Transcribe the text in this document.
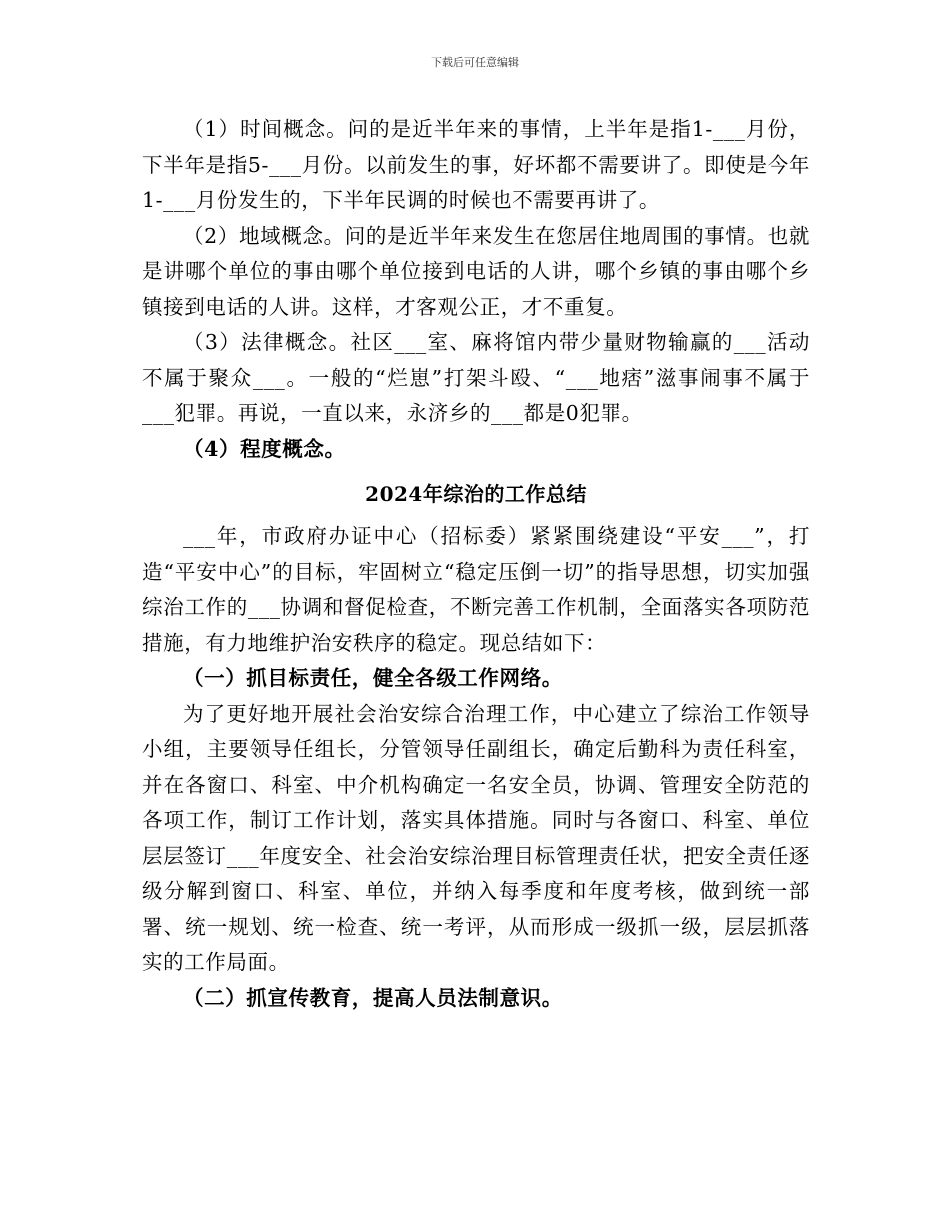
下载后可任意编辑

（1）时间概念。问的是近半年来的事情，上半年是指1-___月份，下半年是指5-___月份。以前发生的事，好坏都不需要讲了。即使是今年1-___月份发生的，下半年民调的时候也不需要再讲了。

（2）地域概念。问的是近半年来发生在您居住地周围的事情。也就是讲哪个单位的事由哪个单位接到电话的人讲，哪个乡镇的事由哪个乡镇接到电话的人讲。这样，才客观公正，才不重复。

（3）法律概念。社区___室、麻将馆内带少量财物输赢的___活动不属于聚众___。一般的“烂崽”打架斗殴、“___地痞”滋事闹事不属于___犯罪。再说，一直以来，永济乡的___都是0犯罪。

（4）程度概念。

2024年综治的工作总结

___年，市政府办证中心（招标委）紧紧围绕建设“平安___”，打造“平安中心”的目标，牢固树立“稳定压倒一切”的指导思想，切实加强综治工作的___协调和督促检查，不断完善工作机制，全面落实各项防范措施，有力地维护治安秩序的稳定。现总结如下：

（一）抓目标责任，健全各级工作网络。

为了更好地开展社会治安综合治理工作，中心建立了综治工作领导小组，主要领导任组长，分管领导任副组长，确定后勤科为责任科室，并在各窗口、科室、中介机构确定一名安全员，协调、管理安全防范的各项工作，制订工作计划，落实具体措施。同时与各窗口、科室、单位层层签订___年度安全、社会治安综治理目标管理责任状，把安全责任逐级分解到窗口、科室、单位，并纳入每季度和年度考核，做到统一部署、统一规划、统一检查、统一考评，从而形成一级抓一级，层层抓落实的工作局面。

（二）抓宣传教育，提高人员法制意识。
